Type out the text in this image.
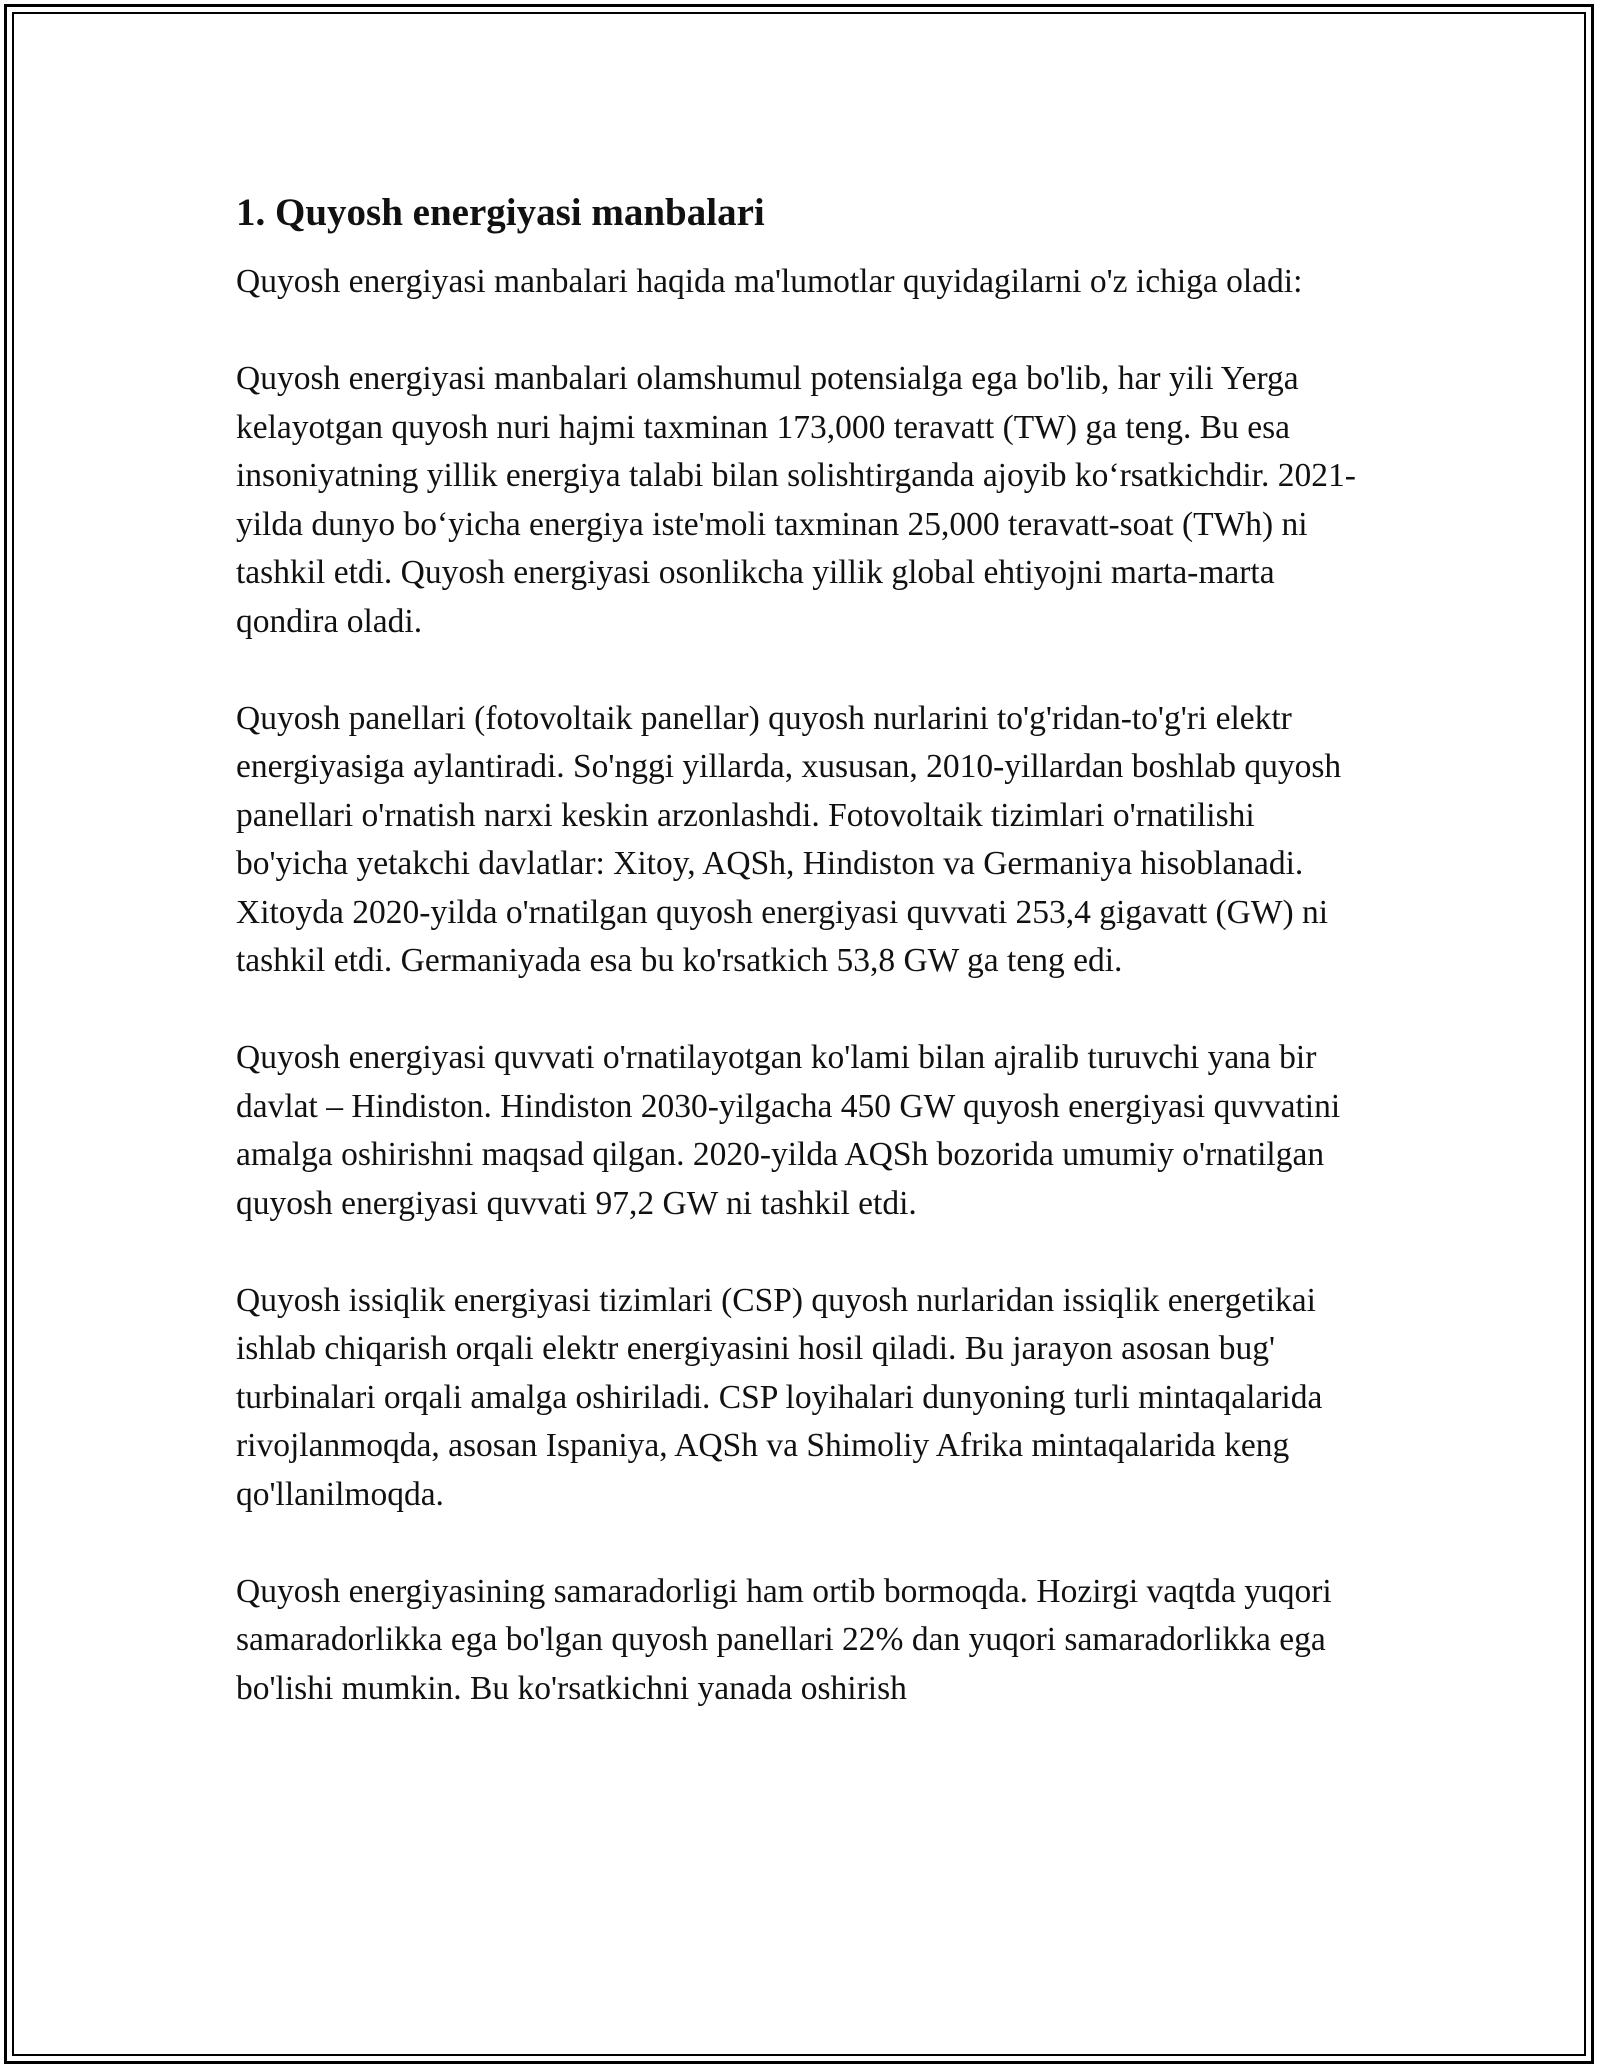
1. Quyosh energiyasi manbalari

Quyosh energiyasi manbalari haqida ma'lumotlar quyidagilarni o'z ichiga oladi:

Quyosh energiyasi manbalari olamshumul potensialga ega bo'lib, har yili Yerga kelayotgan quyosh nuri hajmi taxminan 173,000 teravatt (TW) ga teng. Bu esa insoniyatning yillik energiya talabi bilan solishtirganda ajoyib koʻrsatkichdir. 2021-yilda dunyo boʻyicha energiya iste'moli taxminan 25,000 teravatt-soat (TWh) ni tashkil etdi. Quyosh energiyasi osonlikcha yillik global ehtiyojni marta-marta qondira oladi.

Quyosh panellari (fotovoltaik panellar) quyosh nurlarini to'g'ridan-to'g'ri elektr energiyasiga aylantiradi. So'nggi yillarda, xususan, 2010-yillardan boshlab quyosh panellari o'rnatish narxi keskin arzonlashdi. Fotovoltaik tizimlari o'rnatilishi bo'yicha yetakchi davlatlar: Xitoy, AQSh, Hindiston va Germaniya hisoblanadi. Xitoyda 2020-yilda o'rnatilgan quyosh energiyasi quvvati 253,4 gigavatt (GW) ni tashkil etdi. Germaniyada esa bu ko'rsatkich 53,8 GW ga teng edi.

Quyosh energiyasi quvvati o'rnatilayotgan ko'lami bilan ajralib turuvchi yana bir davlat – Hindiston. Hindiston 2030-yilgacha 450 GW quyosh energiyasi quvvatini amalga oshirishni maqsad qilgan. 2020-yilda AQSh bozorida umumiy o'rnatilgan quyosh energiyasi quvvati 97,2 GW ni tashkil etdi.

Quyosh issiqlik energiyasi tizimlari (CSP) quyosh nurlaridan issiqlik energetikai ishlab chiqarish orqali elektr energiyasini hosil qiladi. Bu jarayon asosan bug' turbinalari orqali amalga oshiriladi. CSP loyihalari dunyoning turli mintaqalarida rivojlanmoqda, asosan Ispaniya, AQSh va Shimoliy Afrika mintaqalarida keng qo'llanilmoqda.

Quyosh energiyasining samaradorligi ham ortib bormoqda. Hozirgi vaqtda yuqori samaradorlikka ega bo'lgan quyosh panellari 22% dan yuqori samaradorlikka ega bo'lishi mumkin. Bu ko'rsatkichni yanada oshirish
